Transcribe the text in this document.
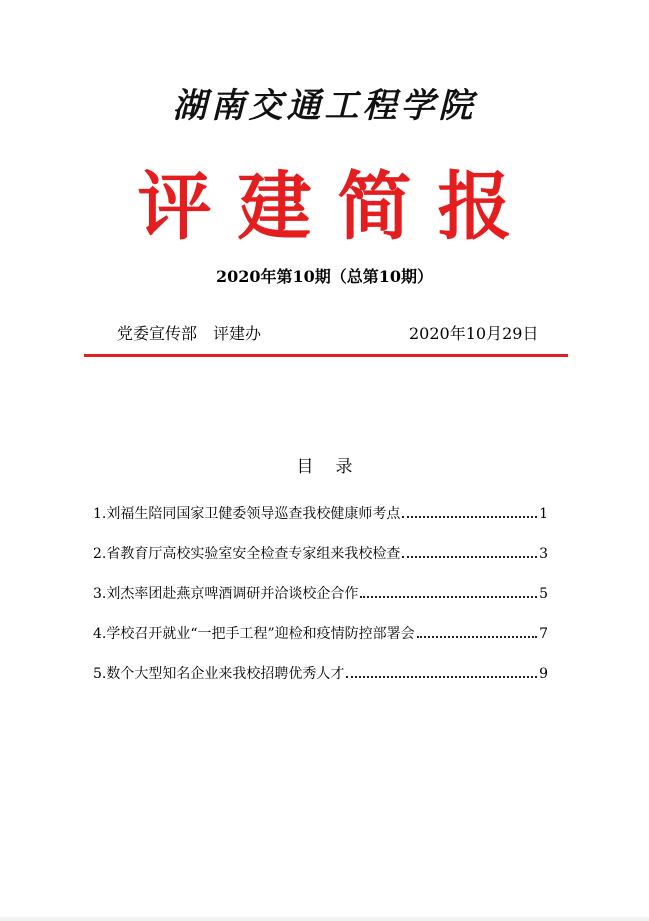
湖南交通工程学院
评建简报
2020年第10期（总第10期）
党委宣传部　评建办	2020年10月29日
目录
1. 刘福生陪同国家卫健委领导巡查我校健康师考点	1
2. 省教育厅高校实验室安全检查专家组来我校检查	3
3. 刘杰率团赴燕京啤酒调研并洽谈校企合作	5
4. 学校召开就业“一把手工程”迎检和疫情防控部署会	7
5. 数个大型知名企业来我校招聘优秀人才	9
